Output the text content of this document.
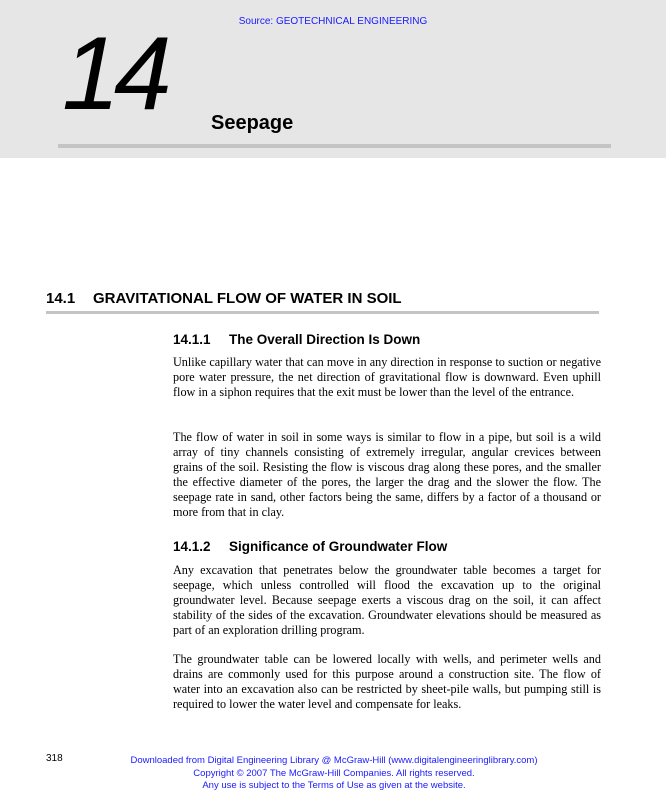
Source: GEOTECHNICAL ENGINEERING
14 Seepage
14.1 GRAVITATIONAL FLOW OF WATER IN SOIL
14.1.1 The Overall Direction Is Down

Unlike capillary water that can move in any direction in response to suction or negative pore water pressure, the net direction of gravitational flow is downward. Even uphill flow in a siphon requires that the exit must be lower than the level of the entrance.

The flow of water in soil in some ways is similar to flow in a pipe, but soil is a wild array of tiny channels consisting of extremely irregular, angular crevices between grains of the soil. Resisting the flow is viscous drag along these pores, and the smaller the effective diameter of the pores, the larger the drag and the slower the flow. The seepage rate in sand, other factors being the same, differs by a factor of a thousand or more from that in clay.

14.1.2 Significance of Groundwater Flow

Any excavation that penetrates below the groundwater table becomes a target for seepage, which unless controlled will flood the excavation up to the original groundwater level. Because seepage exerts a viscous drag on the soil, it can affect stability of the sides of the excavation. Groundwater elevations should be measured as part of an exploration drilling program.

The groundwater table can be lowered locally with wells, and perimeter wells and drains are commonly used for this purpose around a construction site. The flow of water into an excavation also can be restricted by sheet-pile walls, but pumping still is required to lower the water level and compensate for leaks.

318	Downloaded from Digital Engineering Library @ McGraw-Hill (www.digitalengineeringlibrary.com)
Copyright © 2007 The McGraw-Hill Companies. All rights reserved.
Any use is subject to the Terms of Use as given at the website.
